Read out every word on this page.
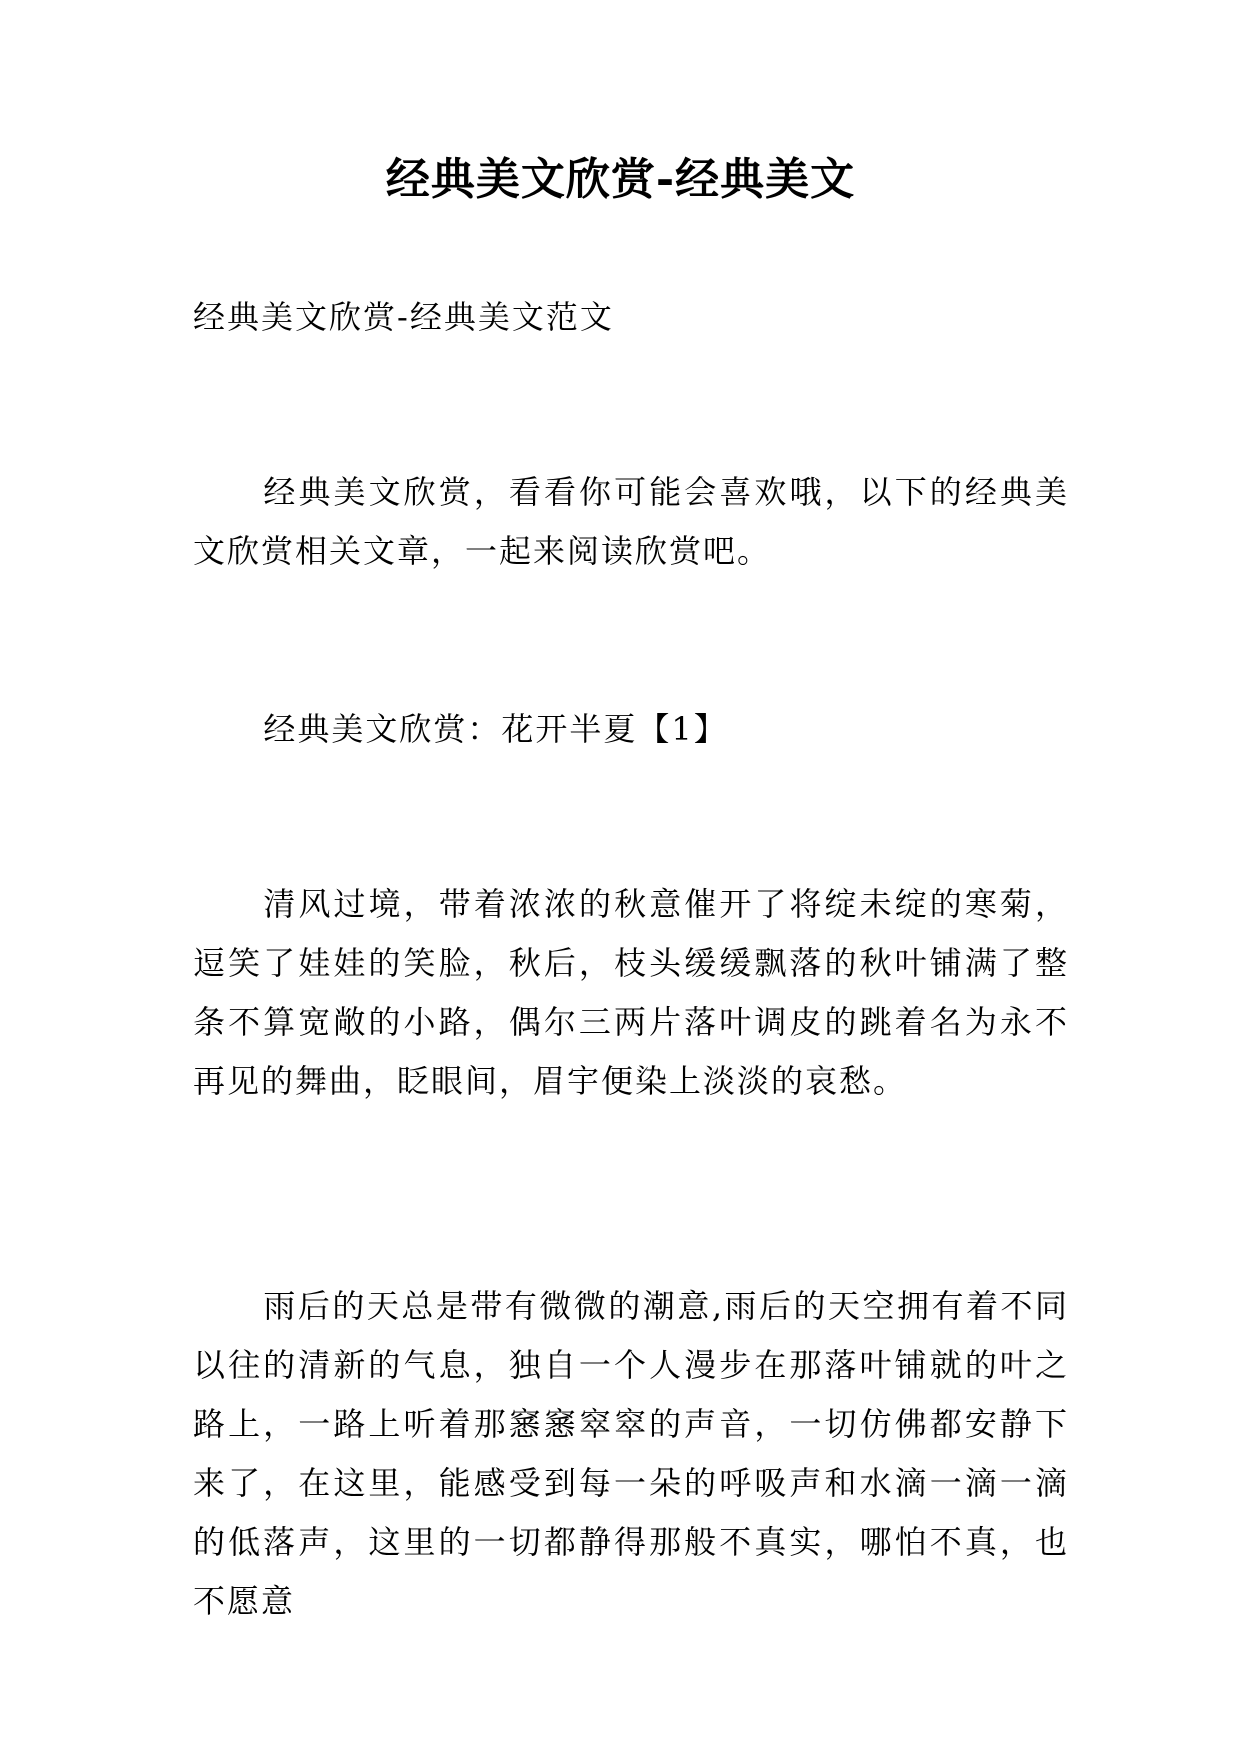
经典美文欣赏-经典美文
经典美文欣赏-经典美文范文

经典美文欣赏，看看你可能会喜欢哦，以下的经典美文欣赏相关文章，一起来阅读欣赏吧。

经典美文欣赏：花开半夏【1】

清风过境，带着浓浓的秋意催开了将绽未绽的寒菊，逗笑了娃娃的笑脸，秋后，枝头缓缓飘落的秋叶铺满了整条不算宽敞的小路，偶尔三两片落叶调皮的跳着名为永不再见的舞曲，眨眼间，眉宇便染上淡淡的哀愁。

雨后的天总是带有微微的潮意,雨后的天空拥有着不同以往的清新的气息，独自一个人漫步在那落叶铺就的叶之路上，一路上听着那窸窸窣窣的声音，一切仿佛都安静下来了，在这里，能感受到每一朵的呼吸声和水滴一滴一滴的低落声，这里的一切都静得那般不真实，哪怕不真，也不愿意
